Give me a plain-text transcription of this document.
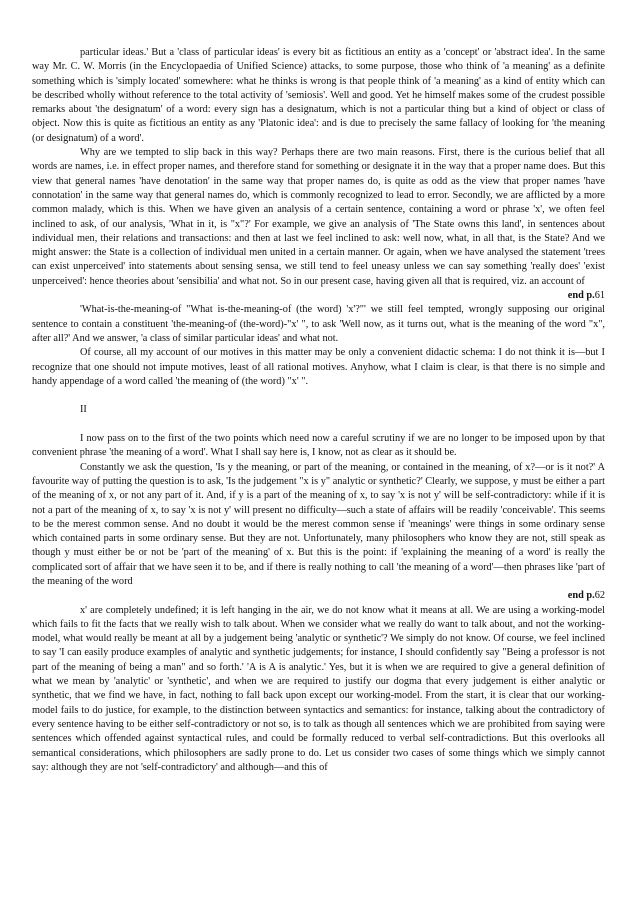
particular ideas.' But a 'class of particular ideas' is every bit as fictitious an entity as a 'concept' or 'abstract idea'. In the same way Mr. C. W. Morris (in the Encyclopaedia of Unified Science) attacks, to some purpose, those who think of 'a meaning' as a definite something which is 'simply located' somewhere: what he thinks is wrong is that people think of 'a meaning' as a kind of entity which can be described wholly without reference to the total activity of 'semiosis'. Well and good. Yet he himself makes some of the crudest possible remarks about 'the designatum' of a word: every sign has a designatum, which is not a particular thing but a kind of object or class of object. Now this is quite as fictitious an entity as any 'Platonic idea': and is due to precisely the same fallacy of looking for 'the meaning (or designatum) of a word'.

Why are we tempted to slip back in this way? Perhaps there are two main reasons. First, there is the curious belief that all words are names, i.e. in effect proper names, and therefore stand for something or designate it in the way that a proper name does. But this view that general names 'have denotation' in the same way that proper names do, is quite as odd as the view that proper names 'have connotation' in the same way that general names do, which is commonly recognized to lead to error. Secondly, we are afflicted by a more common malady, which is this. When we have given an analysis of a certain sentence, containing a word or phrase 'x', we often feel inclined to ask, of our analysis, 'What in it, is "x"?' For example, we give an analysis of 'The State owns this land', in sentences about individual men, their relations and transactions: and then at last we feel inclined to ask: well now, what, in all that, is the State? And we might answer: the State is a collection of individual men united in a certain manner. Or again, when we have analysed the statement 'trees can exist unperceived' into statements about sensing sensa, we still tend to feel uneasy unless we can say something 'really does' 'exist unperceived': hence theories about 'sensibilia' and what not. So in our present case, having given all that is required, viz. an account of

end p.61

'What-is-the-meaning-of "What is-the-meaning-of (the word) 'x'?"' we still feel tempted, wrongly supposing our original sentence to contain a constituent 'the-meaning-of (the-word)-"x' ", to ask 'Well now, as it turns out, what is the meaning of the word "x", after all?' And we answer, 'a class of similar particular ideas' and what not.

Of course, all my account of our motives in this matter may be only a convenient didactic schema: I do not think it is—but I recognize that one should not impute motives, least of all rational motives. Anyhow, what I claim is clear, is that there is no simple and handy appendage of a word called 'the meaning of (the word) "x' ".

II

I now pass on to the first of the two points which need now a careful scrutiny if we are no longer to be imposed upon by that convenient phrase 'the meaning of a word'. What I shall say here is, I know, not as clear as it should be.

Constantly we ask the question, 'Is y the meaning, or part of the meaning, or contained in the meaning, of x?—or is it not?' A favourite way of putting the question is to ask, 'Is the judgement "x is y" analytic or synthetic?' Clearly, we suppose, y must be either a part of the meaning of x, or not any part of it. And, if y is a part of the meaning of x, to say 'x is not y' will be self-contradictory: while if it is not a part of the meaning of x, to say 'x is not y' will present no difficulty—such a state of affairs will be readily 'conceivable'. This seems to be the merest common sense. And no doubt it would be the merest common sense if 'meanings' were things in some ordinary sense which contained parts in some ordinary sense. But they are not. Unfortunately, many philosophers who know they are not, still speak as though y must either be or not be 'part of the meaning' of x. But this is the point: if 'explaining the meaning of a word' is really the complicated sort of affair that we have seen it to be, and if there is really nothing to call 'the meaning of a word'—then phrases like 'part of the meaning of the word

end p.62

x' are completely undefined; it is left hanging in the air, we do not know what it means at all. We are using a working-model which fails to fit the facts that we really wish to talk about. When we consider what we really do want to talk about, and not the working-model, what would really be meant at all by a judgement being 'analytic or synthetic'? We simply do not know. Of course, we feel inclined to say 'I can easily produce examples of analytic and synthetic judgements; for instance, I should confidently say "Being a professor is not part of the meaning of being a man" and so forth.' 'A is A is analytic.' Yes, but it is when we are required to give a general definition of what we mean by 'analytic' or 'synthetic', and when we are required to justify our dogma that every judgement is either analytic or synthetic, that we find we have, in fact, nothing to fall back upon except our working-model. From the start, it is clear that our working-model fails to do justice, for example, to the distinction between syntactics and semantics: for instance, talking about the contradictory of every sentence having to be either self-contradictory or not so, is to talk as though all sentences which we are prohibited from saying were sentences which offended against syntactical rules, and could be formally reduced to verbal self-contradictions. But this overlooks all semantical considerations, which philosophers are sadly prone to do. Let us consider two cases of some things which we simply cannot say: although they are not 'self-contradictory' and although—and this of
